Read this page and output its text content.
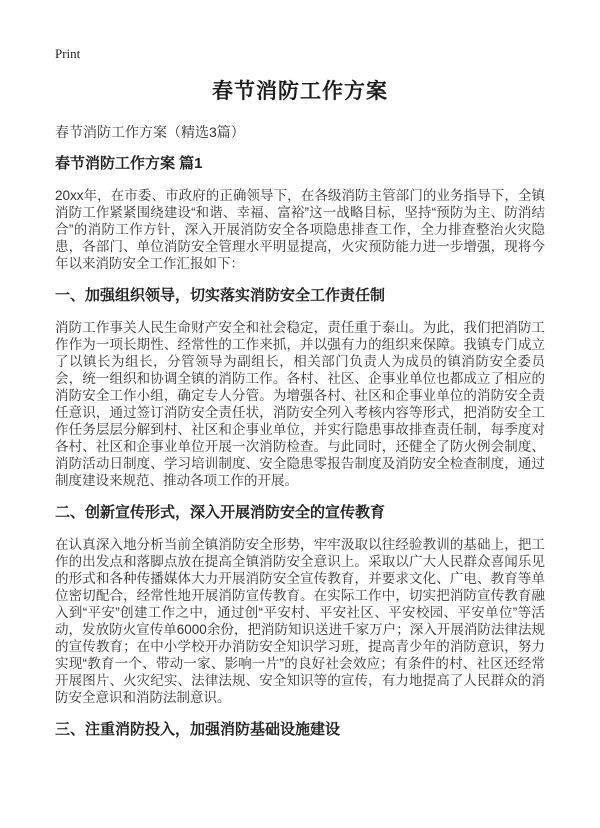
Print
春节消防工作方案

春节消防工作方案（精选3篇）

春节消防工作方案 篇1

20xx年，在市委、市政府的正确领导下，在各级消防主管部门的业务指导下，全镇消防工作紧紧围绕建设“和谐、幸福、富裕”这一战略目标，坚持“预防为主、防消结合”的消防工作方针，深入开展消防安全各项隐患排查工作，全力排查整治火灾隐患，各部门、单位消防安全管理水平明显提高，火灾预防能力进一步增强，现将今年以来消防安全工作汇报如下：

一、加强组织领导，切实落实消防安全工作责任制

消防工作事关人民生命财产安全和社会稳定，责任重于泰山。为此，我们把消防工作作为一项长期性、经常性的工作来抓，并以强有力的组织来保障。我镇专门成立了以镇长为组长，分管领导为副组长，相关部门负责人为成员的镇消防安全委员会，统一组织和协调全镇的消防工作。各村、社区、企事业单位也都成立了相应的消防安全工作小组，确定专人分管。为增强各村、社区和企事业单位的消防安全责任意识，通过签订消防安全责任状，消防安全列入考核内容等形式，把消防安全工作任务层层分解到村、社区和企事业单位，并实行隐患事故排查责任制，每季度对各村、社区和企事业单位开展一次消防检查。与此同时，还健全了防火例会制度、消防活动日制度、学习培训制度、安全隐患零报告制度及消防安全检查制度，通过制度建设来规范、推动各项工作的开展。

二、创新宣传形式，深入开展消防安全的宣传教育

在认真深入地分析当前全镇消防安全形势，牢牢汲取以往经验教训的基础上，把工作的出发点和落脚点放在提高全镇消防安全意识上。采取以广大人民群众喜闻乐见的形式和各种传播媒体大力开展消防安全宣传教育，并要求文化、广电、教育等单位密切配合，经常性地开展消防宣传教育。在实际工作中，切实把消防宣传教育融入到“平安”创建工作之中，通过创“平安村、平安社区、平安校园、平安单位”等活动，发放防火宣传单6000余份，把消防知识送进千家万户；深入开展消防法律法规的宣传教育；在中小学校开办消防安全知识学习班，提高青少年的消防意识，努力实现“教育一个、带动一家、影响一片”的良好社会效应；有条件的村、社区还经常开展图片、火灾纪实、法律法规、安全知识等的宣传，有力地提高了人民群众的消防安全意识和消防法制意识。

三、注重消防投入，加强消防基础设施建设
